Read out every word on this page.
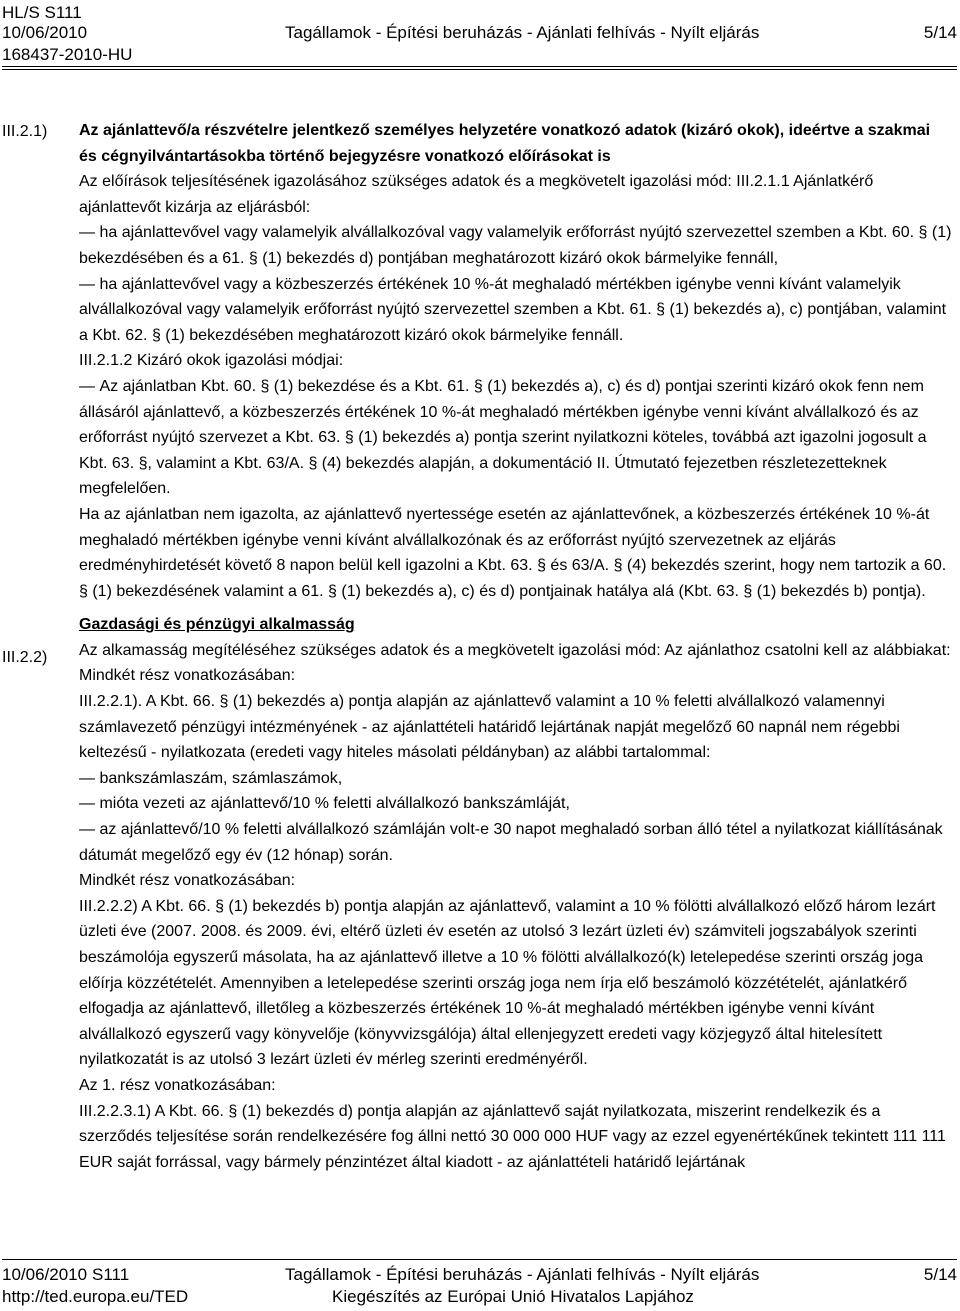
HL/S S111
10/06/2010	Tagállamok - Építési beruházás - Ajánlati felhívás - Nyílt eljárás	5/14
168437-2010-HU
III.2.1)
III.2.2)

Az ajánlattevő/a részvételre jelentkező személyes helyzetére vonatkozó adatok (kizáró okok), ideértve a szakmai és cégnyilvántartásokba történő bejegyzésre vonatkozó előírásokat is

Az előírások teljesítésének igazolásához szükséges adatok és a megkövetelt igazolási mód: III.2.1.1 Ajánlatkérő ajánlattevőt kizárja az eljárásból:

— ha ajánlattevővel vagy valamelyik alvállalkozóval vagy valamelyik erőforrást nyújtó szervezettel szemben a Kbt. 60. § (1) bekezdésében és a 61. § (1) bekezdés d) pontjában meghatározott kizáró okok bármelyike fennáll,

— ha ajánlattevővel vagy a közbeszerzés értékének 10 %-át meghaladó mértékben igénybe venni kívánt valamelyik alvállalkozóval vagy valamelyik erőforrást nyújtó szervezettel szemben a Kbt. 61. § (1) bekezdés a), c) pontjában, valamint a Kbt. 62. § (1) bekezdésében meghatározott kizáró okok bármelyike fennáll.

III.2.1.2 Kizáró okok igazolási módjai:

— Az ajánlatban Kbt. 60. § (1) bekezdése és a Kbt. 61. § (1) bekezdés a), c) és d) pontjai szerinti kizáró okok fenn nem állásáról ajánlattevő, a közbeszerzés értékének 10 %-át meghaladó mértékben igénybe venni kívánt alvállalkozó és az erőforrást nyújtó szervezet a Kbt. 63. § (1) bekezdés a) pontja szerint nyilatkozni köteles, továbbá azt igazolni jogosult a Kbt. 63. §, valamint a Kbt. 63/A. § (4) bekezdés alapján, a dokumentáció II. Útmutató fejezetben részletezetteknek megfelelően.

Ha az ajánlatban nem igazolta, az ajánlattevő nyertessége esetén az ajánlattevőnek, a közbeszerzés értékének 10 %-át meghaladó mértékben igénybe venni kívánt alvállalkozónak és az erőforrást nyújtó szervezetnek az eljárás eredményhirdetését követő 8 napon belül kell igazolni a Kbt. 63. § és 63/A. § (4) bekezdés szerint, hogy nem tartozik a 60. § (1) bekezdésének valamint a 61. § (1) bekezdés a), c) és d) pontjainak hatálya alá (Kbt. 63. § (1) bekezdés b) pontja).

Gazdasági és pénzügyi alkalmasság

Az alkamasság megítéléséhez szükséges adatok és a megkövetelt igazolási mód: Az ajánlathoz csatolni kell az alábbiakat:

Mindkét rész vonatkozásában:

III.2.2.1). A Kbt. 66. § (1) bekezdés a) pontja alapján az ajánlattevő valamint a 10 % feletti alvállalkozó valamennyi számlavezető pénzügyi intézményének - az ajánlattételi határidő lejártának napját megelőző 60 napnál nem régebbi keltezésű - nyilatkozata (eredeti vagy hiteles másolati példányban) az alábbi tartalommal:

— bankszámlaszám, számlaszámok,

— mióta vezeti az ajánlattevő/10 % feletti alvállalkozó bankszámláját,

— az ajánlattevő/10 % feletti alvállalkozó számláján volt-e 30 napot meghaladó sorban álló tétel a nyilatkozat kiállításának dátumát megelőző egy év (12 hónap) során.

Mindkét rész vonatkozásában:

III.2.2.2) A Kbt. 66. § (1) bekezdés b) pontja alapján az ajánlattevő, valamint a 10 % fölötti alvállalkozó előző három lezárt üzleti éve (2007. 2008. és 2009. évi, eltérő üzleti év esetén az utolsó 3 lezárt üzleti év) számviteli jogszabályok szerinti beszámolója egyszerű másolata, ha az ajánlattevő illetve a 10 % fölötti alvállalkozó(k) letelepedése szerinti ország joga előírja közzétételét. Amennyiben a letelepedése szerinti ország joga nem írja elő beszámoló közzétételét, ajánlatkérő elfogadja az ajánlattevő, illetőleg a közbeszerzés értékének 10 %-át meghaladó mértékben igénybe venni kívánt alvállalkozó egyszerű vagy könyvelője (könyvvizsgálója) által ellenjegyzett eredeti vagy közjegyző által hitelesített nyilatkozatát is az utolsó 3 lezárt üzleti év mérleg szerinti eredményéről.

Az 1. rész vonatkozásában:

III.2.2.3.1) A Kbt. 66. § (1) bekezdés d) pontja alapján az ajánlattevő saját nyilatkozata, miszerint rendelkezik és a szerződés teljesítése során rendelkezésére fog állni nettó 30 000 000 HUF vagy az ezzel egyenértékűnek tekintett 111 111 EUR saját forrással, vagy bármely pénzintézet által kiadott - az ajánlattételi határidő lejártának

10/06/2010 S111	Tagállamok - Építési beruházás - Ajánlati felhívás - Nyílt eljárás	5/14
http://ted.europa.eu/TED	Kiegészítés az Európai Unió Hivatalos Lapjához
